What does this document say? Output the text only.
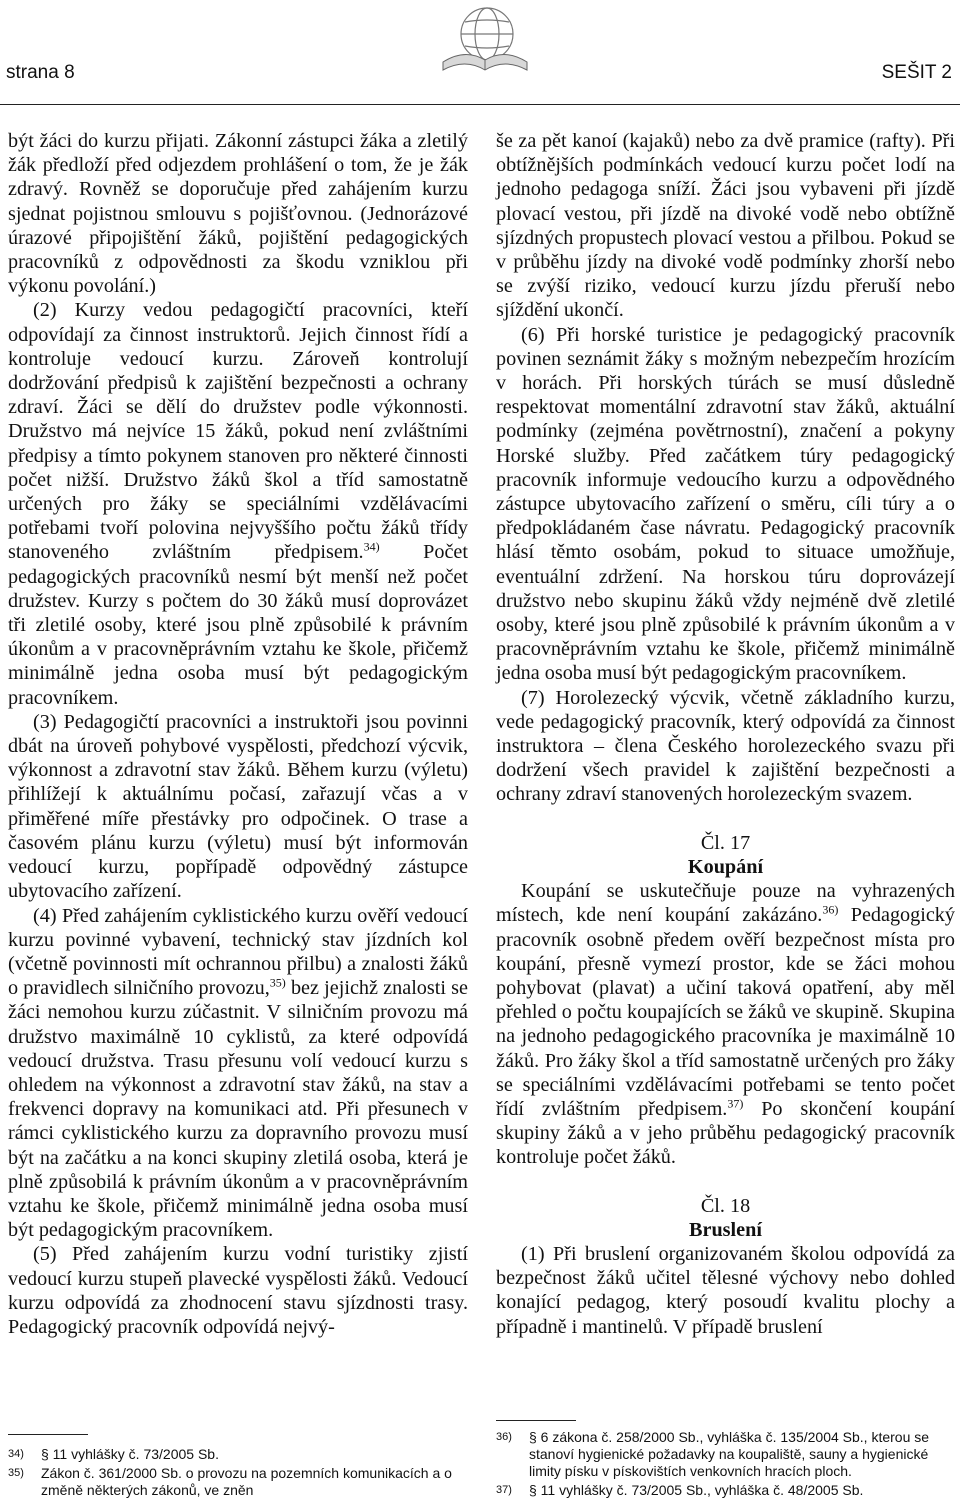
strana 8	SEŠIT 2

být žáci do kurzu přijati. Zákonní zástupci žáka a zletilý žák předloží před odjezdem prohlášení o tom, že je žák zdravý. Rovněž se doporučuje před zahájením kurzu sjednat pojistnou smlouvu s pojišťovnou. (Jednorázové úrazové připojištění žáků, pojištění pedagogických pracovníků z odpovědnosti za škodu vzniklou při výkonu povolání.)

(2) Kurzy vedou pedagogičtí pracovníci, kteří odpovídají za činnost instruktorů. Jejich činnost řídí a kontroluje vedoucí kurzu. Zároveň kontrolují dodržování předpisů k zajištění bezpečnosti a ochrany zdraví. Žáci se dělí do družstev podle výkonnosti. Družstvo má nejvíce 15 žáků, pokud není zvláštními předpisy a tímto pokynem stanoven pro některé činnosti počet nižší. Družstvo žáků škol a tříd samostatně určených pro žáky se speciálními vzdělávacími potřebami tvoří polovina nejvyššího počtu žáků třídy stanoveného zvláštním předpisem.$^{34)}$ Počet pedagogických pracovníků nesmí být menší než počet družstev. Kurzy s počtem do 30 žáků musí doprovázet tři zletilé osoby, které jsou plně způsobilé k právním úkonům a v pracovněprávním vztahu ke škole, přičemž minimálně jedna osoba musí být pedagogickým pracovníkem.

(3) Pedagogičtí pracovníci a instruktoři jsou povinni dbát na úroveň pohybové vyspělosti, předchozí výcvik, výkonnost a zdravotní stav žáků. Během kurzu (výletu) přihlížejí k aktuálnímu počasí, zařazují včas a v přiměřené míře přestávky pro odpočinek. O trase a časovém plánu kurzu (výletu) musí být informován vedoucí kurzu, popřípadě odpovědný zástupce ubytovacího zařízení.

(4) Před zahájením cyklistického kurzu ověří vedoucí kurzu povinné vybavení, technický stav jízdních kol (včetně povinnosti mít ochrannou přilbu) a znalosti žáků o pravidlech silničního provozu,$^{35)}$ bez jejichž znalosti se žáci nemohou kurzu zúčastnit. V silničním provozu má družstvo maximálně 10 cyklistů, za které odpovídá vedoucí družstva. Trasu přesunu volí vedoucí kurzu s ohledem na výkonnost a zdravotní stav žáků, na stav a frekvenci dopravy na komunikaci atd. Při přesunech v rámci cyklistického kurzu za dopravního provozu musí být na začátku a na konci skupiny zletilá osoba, která je plně způsobilá k právním úkonům a v pracovněprávním vztahu ke škole, přičemž minimálně jedna osoba musí být pedagogickým pracovníkem.

(5) Před zahájením kurzu vodní turistiky zjistí vedoucí kurzu stupeň plavecké vyspělosti žáků. Vedoucí kurzu odpovídá za zhodnocení stavu sjízdnosti trasy. Pedagogický pracovník odpovídá nejvý-

še za pět kanoí (kajaků) nebo za dvě pramice (rafty). Při obtížnějších podmínkách vedoucí kurzu počet lodí na jednoho pedagoga sníží. Žáci jsou vybaveni při jízdě plovací vestou, při jízdě na divoké vodě nebo obtížně sjízdných propustech plovací vestou a přilbou. Pokud se v průběhu jízdy na divoké vodě podmínky zhorší nebo se zvýší riziko, vedoucí kurzu jízdu přeruší nebo sjíždění ukončí.

(6) Při horské turistice je pedagogický pracovník povinen seznámit žáky s možným nebezpečím hrozícím v horách. Při horských túrách se musí důsledně respektovat momentální zdravotní stav žáků, aktuální podmínky (zejména povětrnostní), značení a pokyny Horské služby. Před začátkem túry pedagogický pracovník informuje vedoucího kurzu a odpovědného zástupce ubytovacího zařízení o směru, cíli túry a o předpokládaném čase návratu. Pedagogický pracovník hlásí těmto osobám, pokud to situace umožňuje, eventuální zdržení. Na horskou túru doprovázejí družstvo nebo skupinu žáků vždy nejméně dvě zletilé osoby, které jsou plně způsobilé k právním úkonům a v pracovněprávním vztahu ke škole, přičemž minimálně jedna osoba musí být pedagogickým pracovníkem.

(7) Horolezecký výcvik, včetně základního kurzu, vede pedagogický pracovník, který odpovídá za činnost instruktora – člena Českého horolezeckého svazu při dodržení všech pravidel k zajištění bezpečnosti a ochrany zdraví stanovených horolezeckým svazem.

Čl. 17

Koupání

Koupání se uskutečňuje pouze na vyhrazených místech, kde není koupání zakázáno.$^{36)}$ Pedagogický pracovník osobně předem ověří bezpečnost místa pro koupání, přesně vymezí prostor, kde se žáci mohou pohybovat (plavat) a učiní taková opatření, aby měl přehled o počtu koupajících se žáků ve skupině. Skupina na jednoho pedagogického pracovníka je maximálně 10 žáků. Pro žáky škol a tříd samostatně určených pro žáky se speciálními vzdělávacími potřebami se tento počet řídí zvláštním předpisem.$^{37)}$ Po skončení koupání skupiny žáků a v jeho průběhu pedagogický pracovník kontroluje počet žáků.

Čl. 18

Bruslení

(1) Při bruslení organizovaném školou odpovídá za bezpečnost žáků učitel tělesné výchovy nebo dohled konající pedagog, který posoudí kvalitu plochy a případně i mantinelů. V případě bruslení

34) § 11 vyhlášky č. 73/2005 Sb.
35) Zákon č. 361/2000 Sb. o provozu na pozemních komunikacích a o změně některých zákonů, ve zněn
36) § 6 zákona č. 258/2000 Sb., vyhláška č. 135/2004 Sb., kterou se stanoví hygienické požadavky na koupaliště, sauny a hygienické limity písku v pískovištích venkovních hracích ploch.
37) § 11 vyhlášky č. 73/2005 Sb., vyhláška č. 48/2005 Sb.
